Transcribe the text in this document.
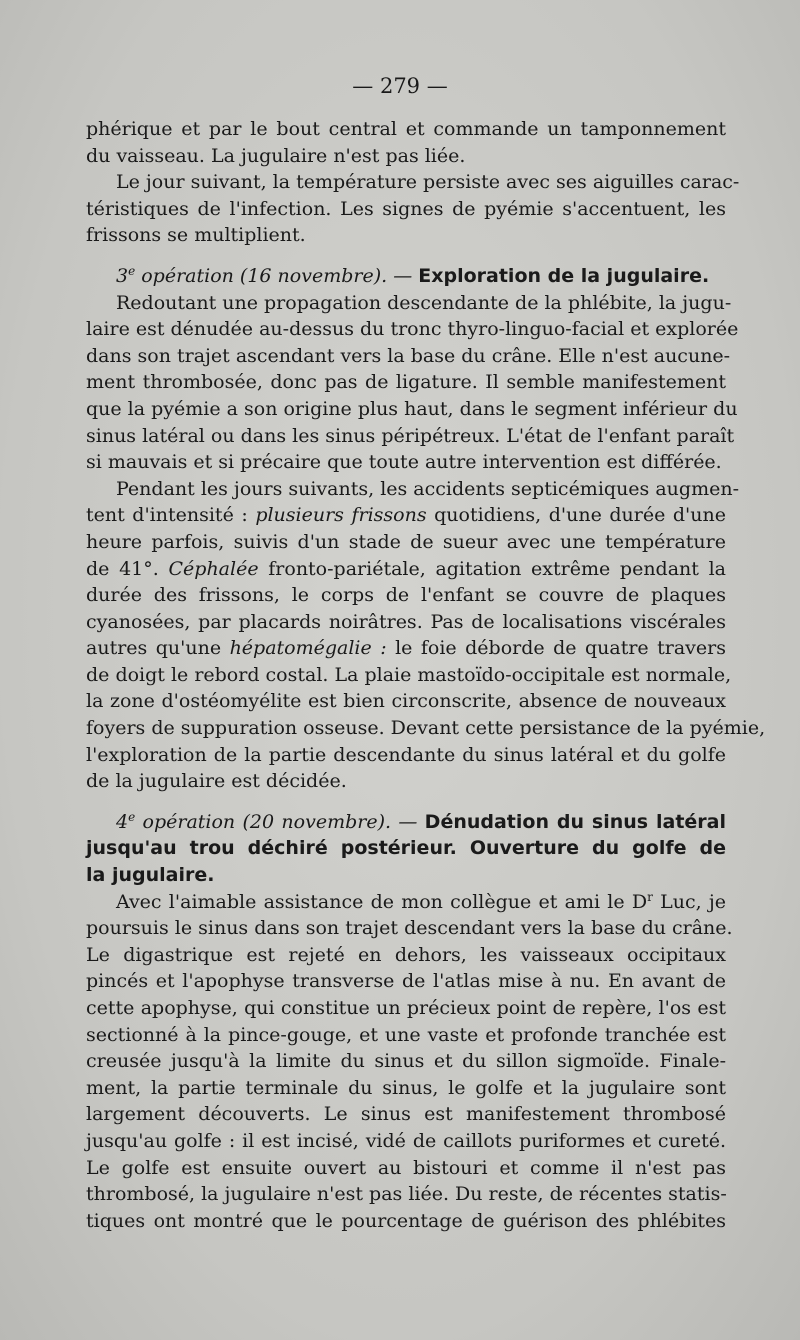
— 279 —
phérique et par le bout central et commande un tamponnement
du vaisseau. La jugulaire n'est pas liée.
Le jour suivant, la température persiste avec ses aiguilles carac-
téristiques de l'infection. Les signes de pyémie s'accentuent, les
frissons se multiplient.
3e opération (16 novembre). — Exploration de la jugulaire.
Redoutant une propagation descendante de la phlébite, la jugu-
laire est dénudée au-dessus du tronc thyro-linguo-facial et explorée
dans son trajet ascendant vers la base du crâne. Elle n'est aucune-
ment thrombosée, donc pas de ligature. Il semble manifestement
que la pyémie a son origine plus haut, dans le segment inférieur du
sinus latéral ou dans les sinus péripétreux. L'état de l'enfant paraît
si mauvais et si précaire que toute autre intervention est différée.
Pendant les jours suivants, les accidents septicémiques augmen-
tent d'intensité : plusieurs frissons quotidiens, d'une durée d'une
heure parfois, suivis d'un stade de sueur avec une température
de 41°. Céphalée fronto-pariétale, agitation extrême pendant la
durée des frissons, le corps de l'enfant se couvre de plaques
cyanosées, par placards noirâtres. Pas de localisations viscérales
autres qu'une hépatomégalie : le foie déborde de quatre travers
de doigt le rebord costal. La plaie mastoïdo-occipitale est normale,
la zone d'ostéomyélite est bien circonscrite, absence de nouveaux
foyers de suppuration osseuse. Devant cette persistance de la pyémie,
l'exploration de la partie descendante du sinus latéral et du golfe
de la jugulaire est décidée.
4e opération (20 novembre). — Dénudation du sinus latéral
jusqu'au trou déchiré postérieur. Ouverture du golfe de
la jugulaire.
Avec l'aimable assistance de mon collègue et ami le $D^r$ Luc, je
poursuis le sinus dans son trajet descendant vers la base du crâne.
Le digastrique est rejeté en dehors, les vaisseaux occipitaux
pincés et l'apophyse transverse de l'atlas mise à nu. En avant de
cette apophyse, qui constitue un précieux point de repère, l'os est
sectionné à la pince-gouge, et une vaste et profonde tranchée est
creusée jusqu'à la limite du sinus et du sillon sigmoïde. Finale-
ment, la partie terminale du sinus, le golfe et la jugulaire sont
largement découverts. Le sinus est manifestement thrombosé
jusqu'au golfe : il est incisé, vidé de caillots puriformes et cureté.
Le golfe est ensuite ouvert au bistouri et comme il n'est pas
thrombosé, la jugulaire n'est pas liée. Du reste, de récentes statis-
tiques ont montré que le pourcentage de guérison des phlébites
